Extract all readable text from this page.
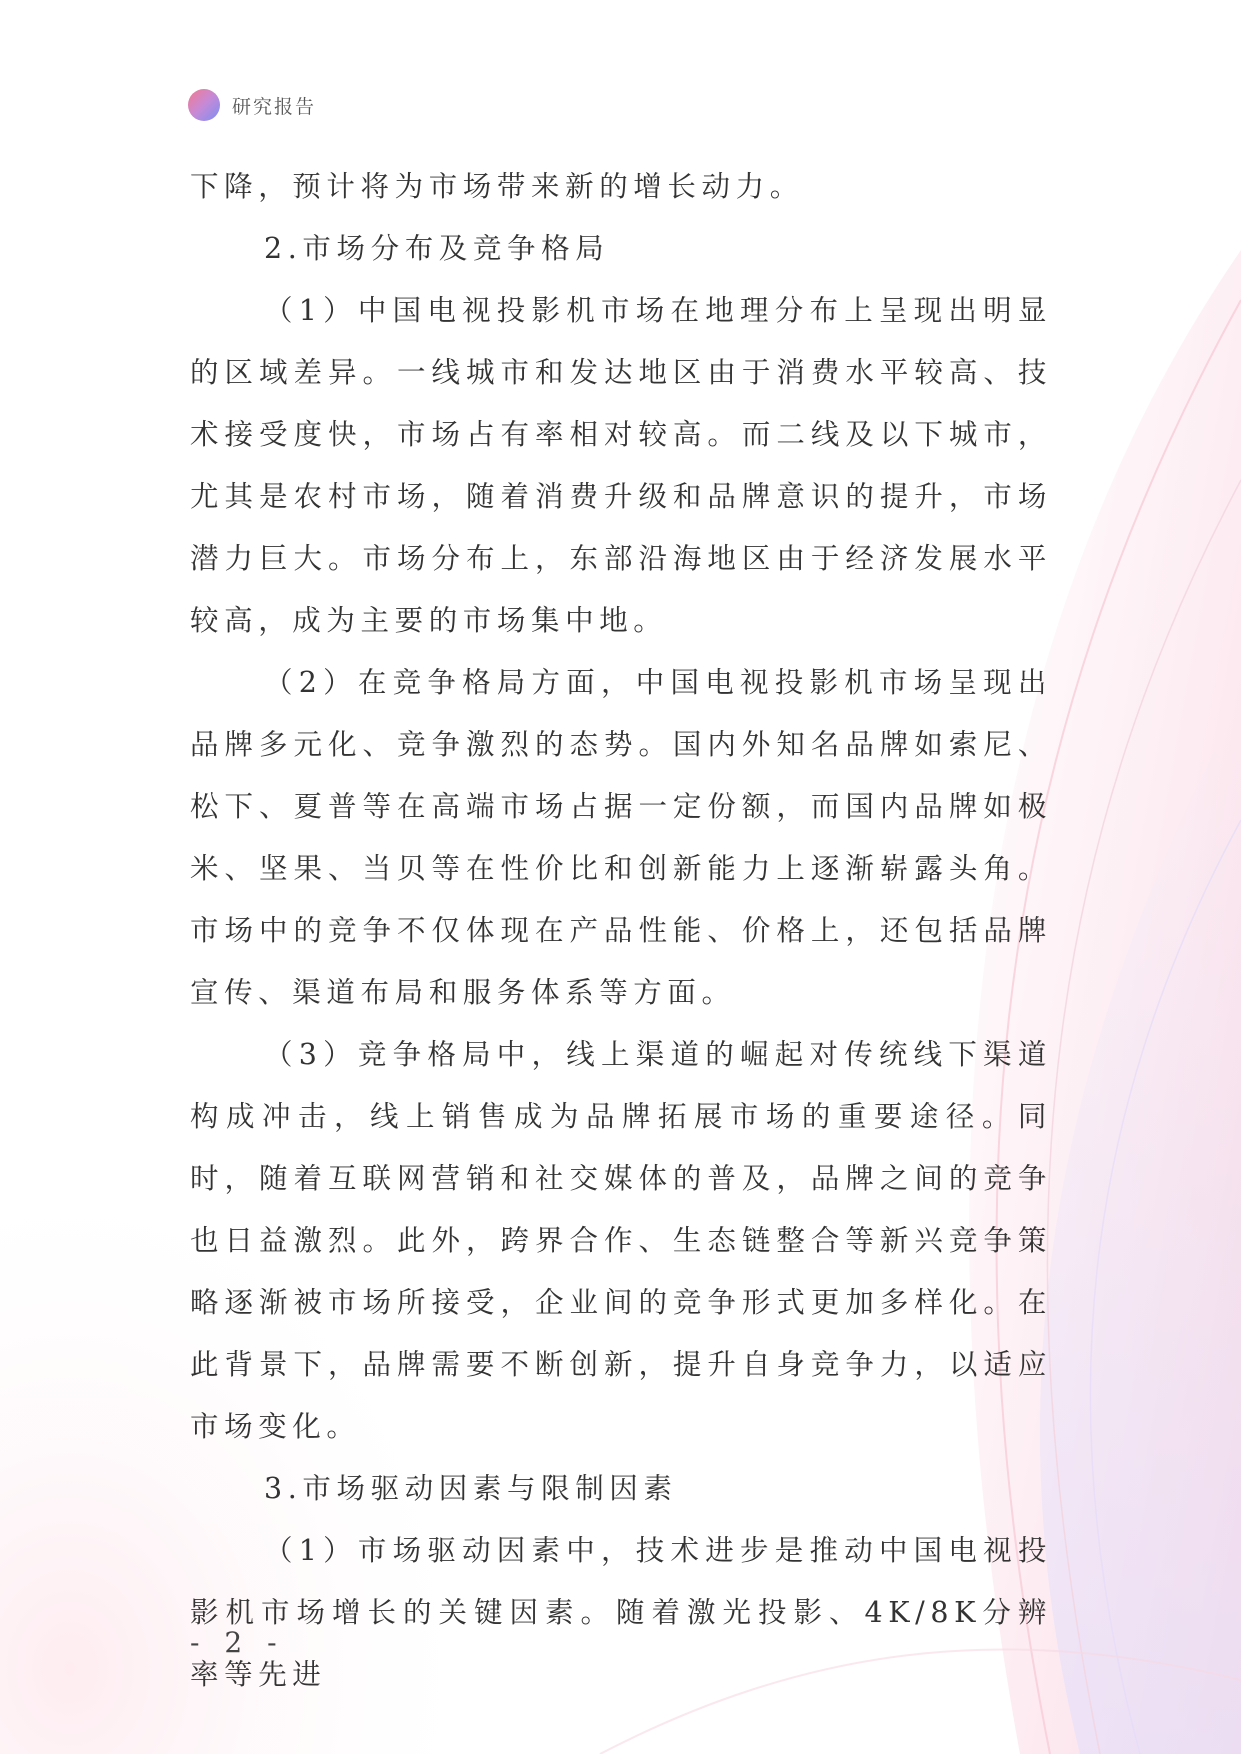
研究报告

下降，预计将为市场带来新的增长动力。

2.市场分布及竞争格局

（1）中国电视投影机市场在地理分布上呈现出明显的区域差异。一线城市和发达地区由于消费水平较高、技术接受度快，市场占有率相对较高。而二线及以下城市，尤其是农村市场，随着消费升级和品牌意识的提升，市场潜力巨大。市场分布上，东部沿海地区由于经济发展水平较高，成为主要的市场集中地。

（2）在竞争格局方面，中国电视投影机市场呈现出品牌多元化、竞争激烈的态势。国内外知名品牌如索尼、松下、夏普等在高端市场占据一定份额，而国内品牌如极米、坚果、当贝等在性价比和创新能力上逐渐崭露头角。市场中的竞争不仅体现在产品性能、价格上，还包括品牌宣传、渠道布局和服务体系等方面。

（3）竞争格局中，线上渠道的崛起对传统线下渠道构成冲击，线上销售成为品牌拓展市场的重要途径。同时，随着互联网营销和社交媒体的普及，品牌之间的竞争也日益激烈。此外，跨界合作、生态链整合等新兴竞争策略逐渐被市场所接受，企业间的竞争形式更加多样化。在此背景下，品牌需要不断创新，提升自身竞争力，以适应市场变化。

3.市场驱动因素与限制因素

（1）市场驱动因素中，技术进步是推动中国电视投影机市场增长的关键因素。随着激光投影、4K/8K分辨率等先进

- 2 -
